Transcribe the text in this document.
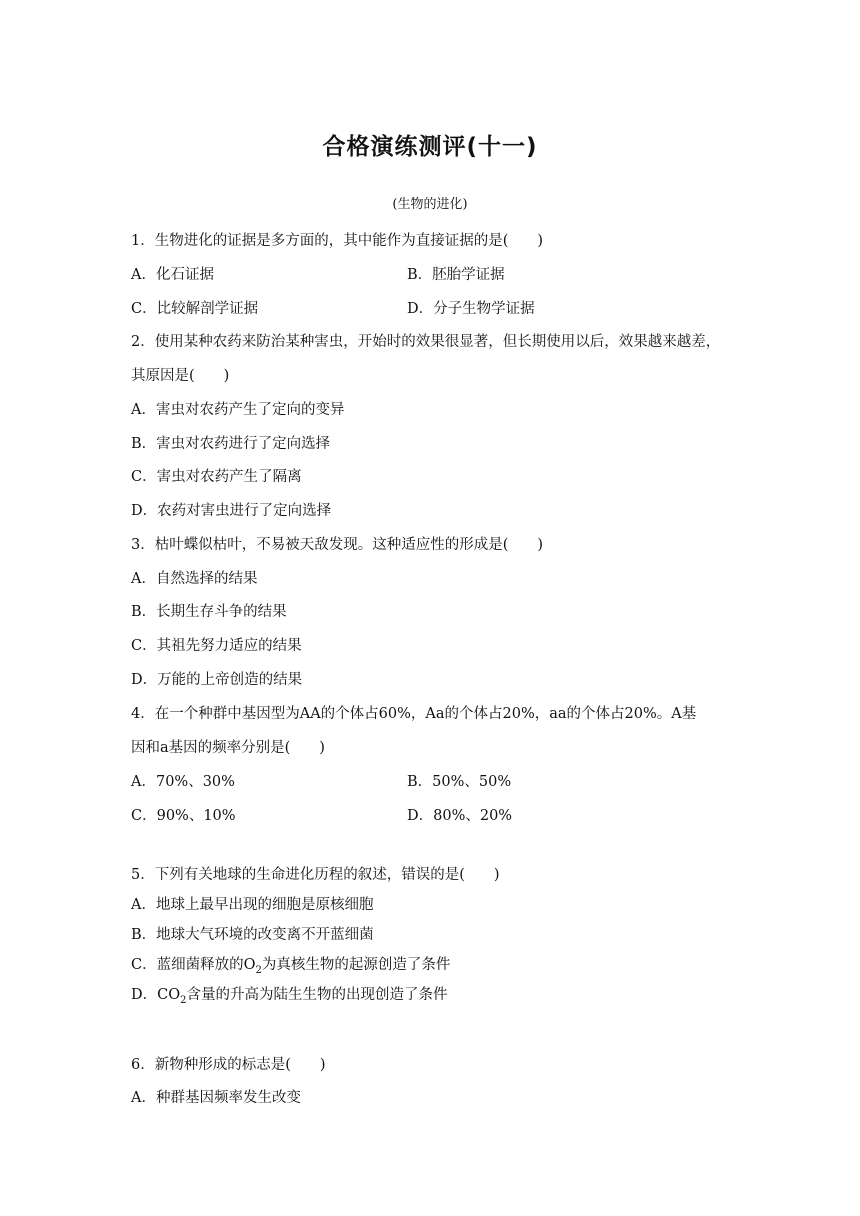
合格演练测评(十一)
(生物的进化)
1．生物进化的证据是多方面的，其中能作为直接证据的是(　　)
A．化石证据	B．胚胎学证据
C．比较解剖学证据	D．分子生物学证据
2．使用某种农药来防治某种害虫，开始时的效果很显著，但长期使用以后，效果越来越差，
其原因是(　　)
A．害虫对农药产生了定向的变异
B．害虫对农药进行了定向选择
C．害虫对农药产生了隔离
D．农药对害虫进行了定向选择
3．枯叶蝶似枯叶，不易被天敌发现。这种适应性的形成是(　　)
A．自然选择的结果
B．长期生存斗争的结果
C．其祖先努力适应的结果
D．万能的上帝创造的结果
4．在一个种群中基因型为AA的个体占60%，Aa的个体占20%，aa的个体占20%。A基
因和a基因的频率分别是(　　)
A．70%、30%	B．50%、50%
C．90%、10%	D．80%、20%
5．下列有关地球的生命进化历程的叙述，错误的是(　　)
A．地球上最早出现的细胞是原核细胞
B．地球大气环境的改变离不开蓝细菌
C．蓝细菌释放的$O_2$为真核生物的起源创造了条件
D．$CO_2$含量的升高为陆生生物的出现创造了条件
6．新物种形成的标志是(　　)
A．种群基因频率发生改变
